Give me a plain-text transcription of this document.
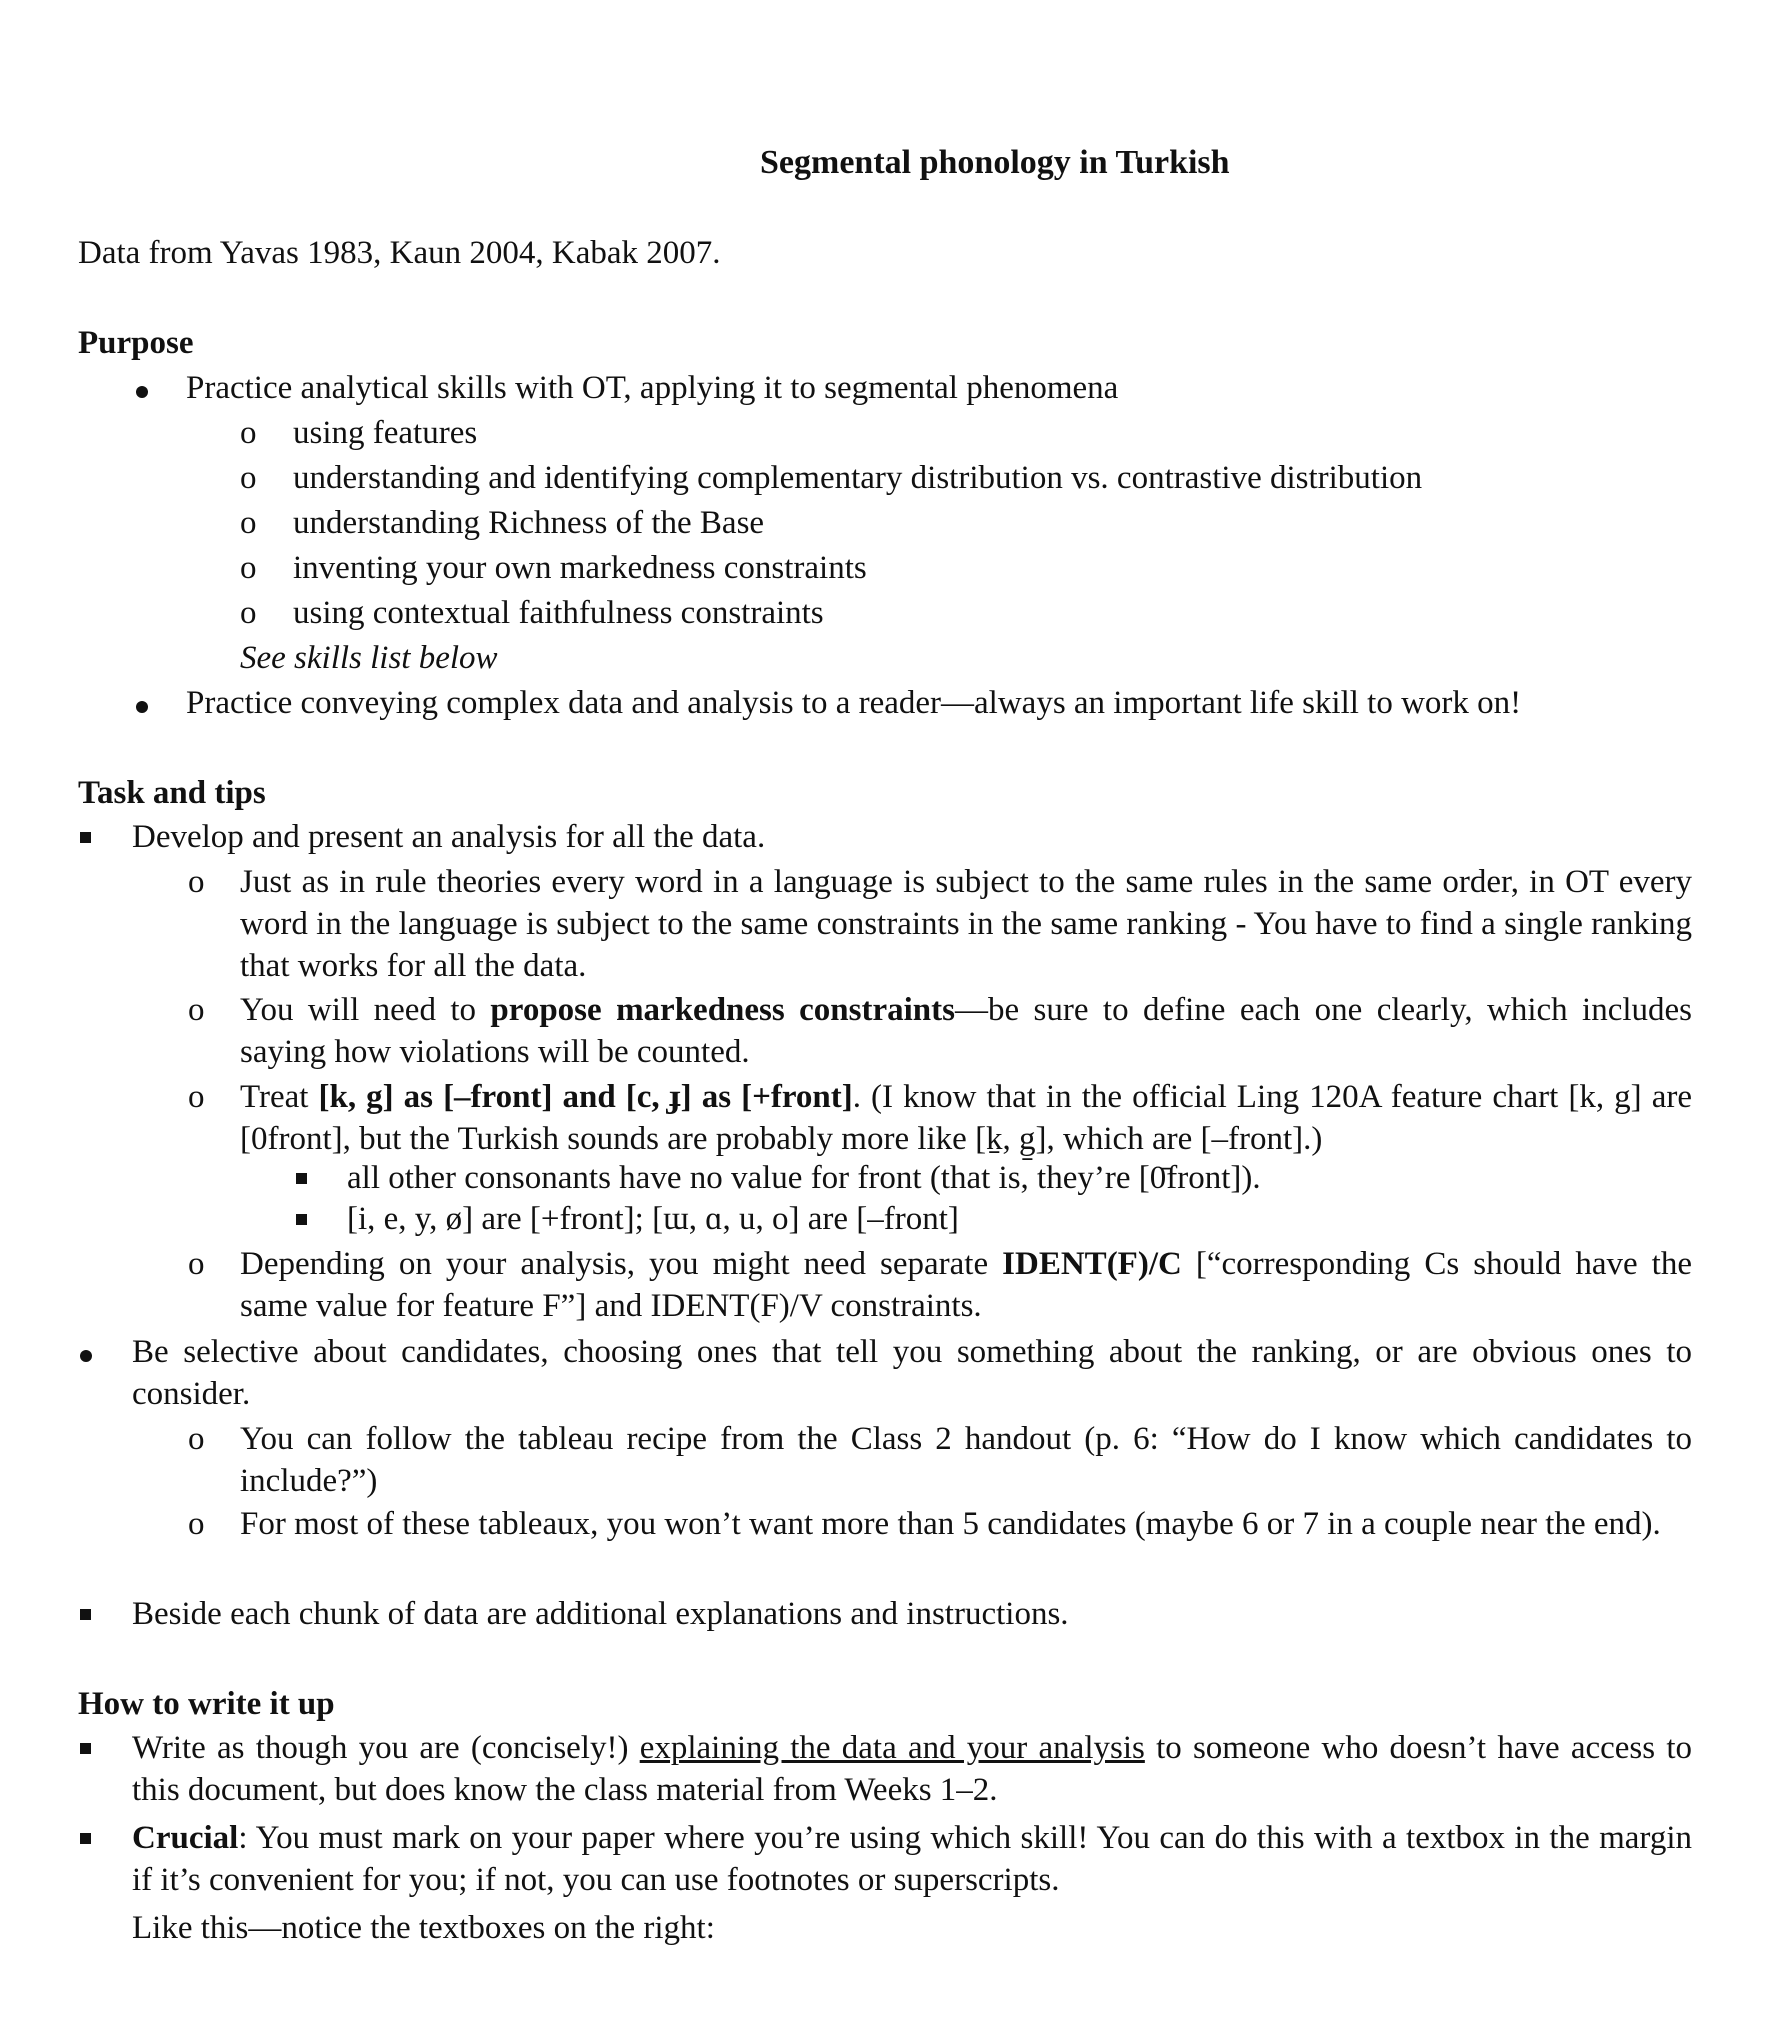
Segmental phonology in Turkish
Data from Yavas 1983, Kaun 2004, Kabak 2007.
Purpose
Practice analytical skills with OT, applying it to segmental phenomena
o using features
o understanding and identifying complementary distribution vs. contrastive distribution
o understanding Richness of the Base
o inventing your own markedness constraints
o using contextual faithfulness constraints
See skills list below
Practice conveying complex data and analysis to a reader—always an important life skill to work on!
Task and tips
Develop and present an analysis for all the data.
o Just as in rule theories every word in a language is subject to the same rules in the same order, in OT every word in the language is subject to the same constraints in the same ranking - You have to find a single ranking that works for all the data.
o You will need to propose markedness constraints—be sure to define each one clearly, which includes saying how violations will be counted.
o Treat [k, g] as [–front] and [c, ɟ] as [+front]. (I know that in the official Ling 120A feature chart [k, g] are [0front], but the Turkish sounds are probably more like [k̠, g̠], which are [–front].)
all other consonants have no value for front (that is, they’re [0̄front]).
[i, e, y, ø] are [+front]; [ɯ, ɑ, u, o] are [–front]
o Depending on your analysis, you might need separate IDENT(F)/C [“corresponding Cs should have the same value for feature F”] and IDENT(F)/V constraints.
Be selective about candidates, choosing ones that tell you something about the ranking, or are obvious ones to consider.
o You can follow the tableau recipe from the Class 2 handout (p. 6: “How do I know which candidates to include?”)
o For most of these tableaux, you won’t want more than 5 candidates (maybe 6 or 7 in a couple near the end).
Beside each chunk of data are additional explanations and instructions.
How to write it up
Write as though you are (concisely!) explaining the data and your analysis to someone who doesn’t have access to this document, but does know the class material from Weeks 1–2.
Crucial: You must mark on your paper where you’re using which skill! You can do this with a textbox in the margin if it’s convenient for you; if not, you can use footnotes or superscripts.
Like this—notice the textboxes on the right:
